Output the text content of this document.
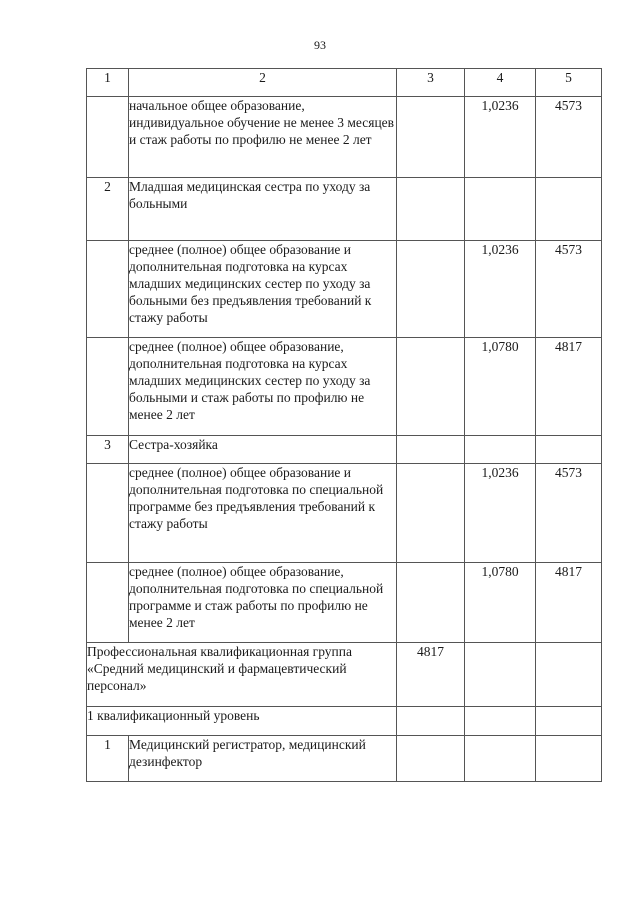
93
1	2	3	4	5
	начальное общее образование, индивидуальное обучение не менее 3 месяцев и стаж работы по профилю не менее 2 лет		1,0236	4573
2	Младшая медицинская сестра по уходу за больными			
	среднее (полное) общее образование и дополнительная подготовка на курсах младших медицинских сестер по уходу за больными без предъявления требований к стажу работы		1,0236	4573
	среднее (полное) общее образование, дополнительная подготовка на курсах младших медицинских сестер по уходу за больными и стаж работы по профилю не менее 2 лет		1,0780	4817
3	Сестра-хозяйка			
	среднее (полное) общее образование и дополнительная подготовка по специальной программе без предъявления требований к стажу работы		1,0236	4573
	среднее (полное) общее образование, дополнительная подготовка по специальной программе и стаж работы по профилю не менее 2 лет		1,0780	4817
Профессиональная квалификационная группа «Средний медицинский и фармацевтический персонал»		4817		
1 квалификационный уровень				
1	Медицинский регистратор, медицинский дезинфектор			
